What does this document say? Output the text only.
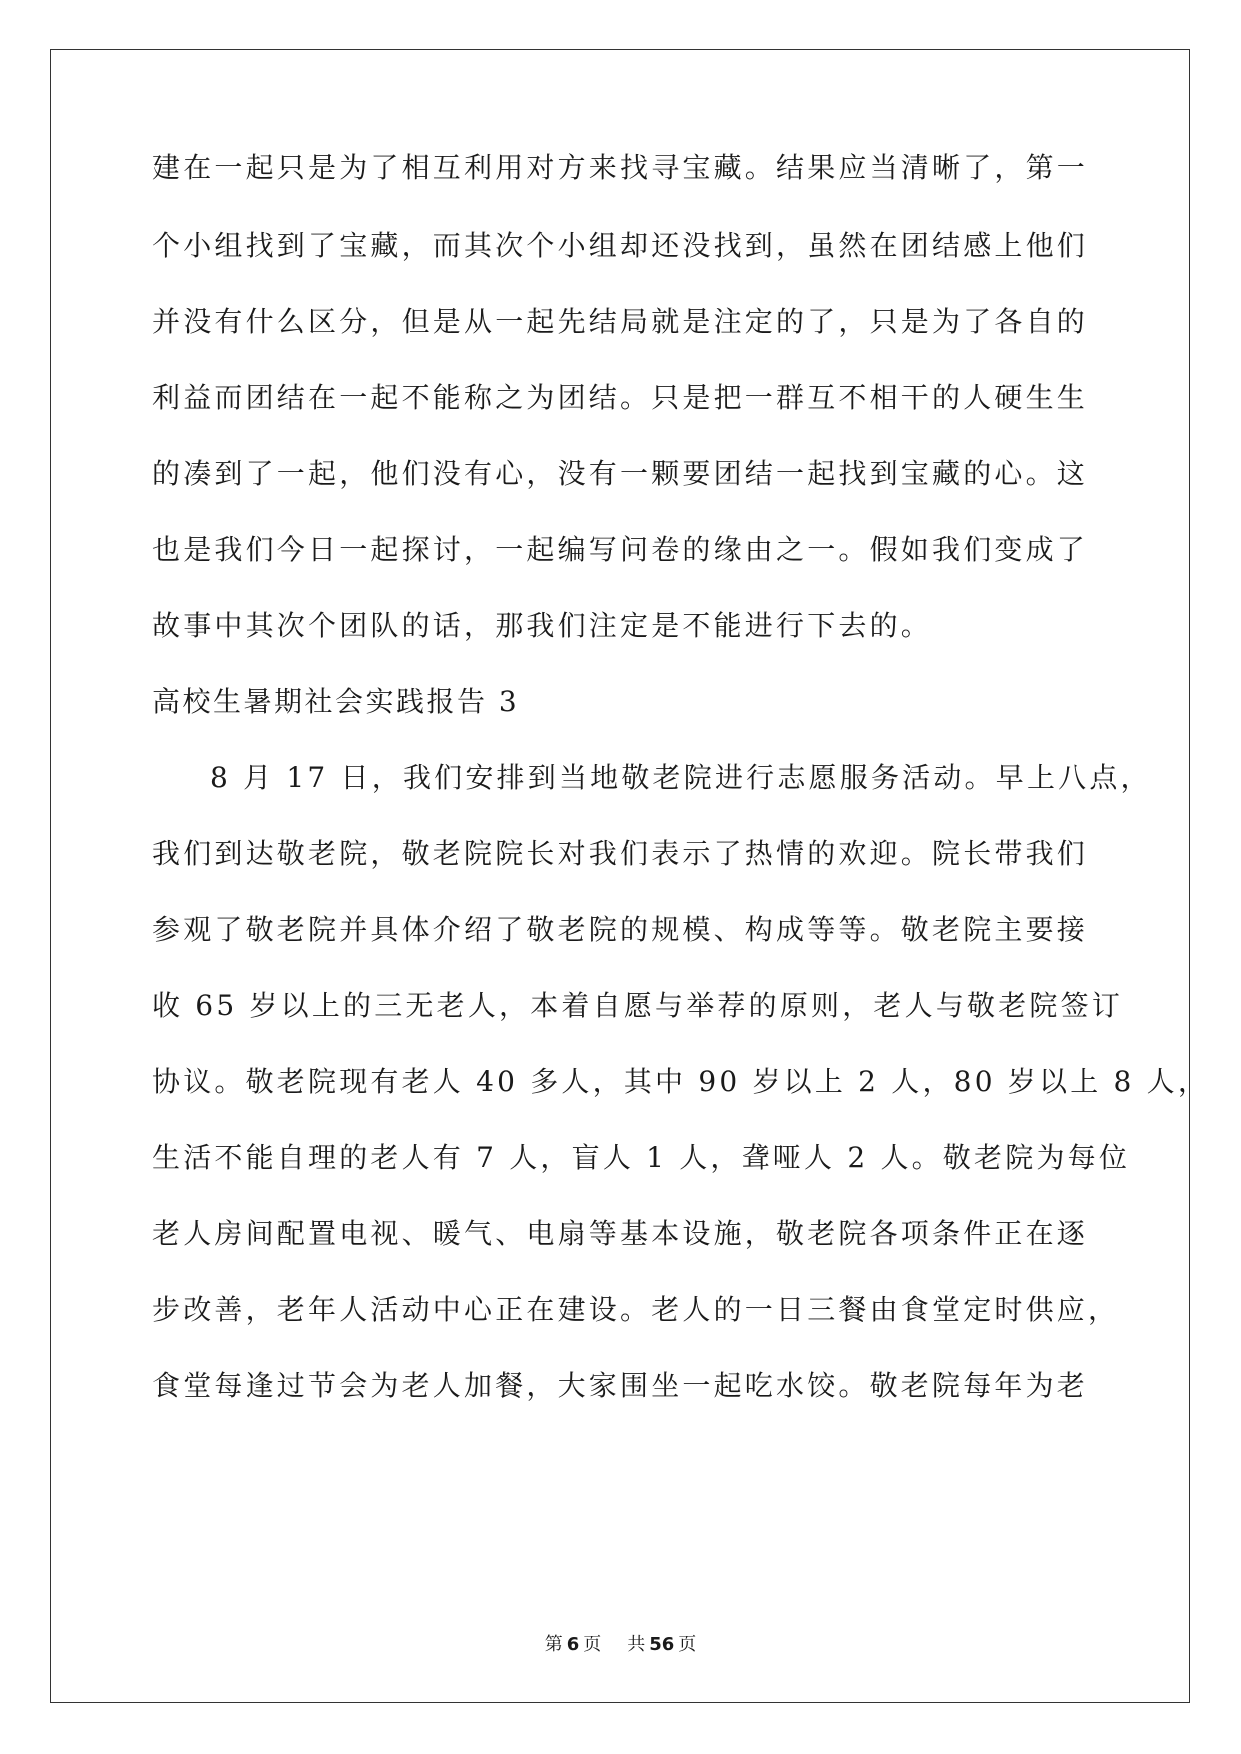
建在一起只是为了相互利用对方来找寻宝藏。结果应当清晰了，第一
个小组找到了宝藏，而其次个小组却还没找到，虽然在团结感上他们
并没有什么区分，但是从一起先结局就是注定的了，只是为了各自的
利益而团结在一起不能称之为团结。只是把一群互不相干的人硬生生
的凑到了一起，他们没有心，没有一颗要团结一起找到宝藏的心。这
也是我们今日一起探讨，一起编写问卷的缘由之一。假如我们变成了
故事中其次个团队的话，那我们注定是不能进行下去的。
高校生暑期社会实践报告 3
8 月 17 日，我们安排到当地敬老院进行志愿服务活动。早上八点，
我们到达敬老院，敬老院院长对我们表示了热情的欢迎。院长带我们
参观了敬老院并具体介绍了敬老院的规模、构成等等。敬老院主要接
收 65 岁以上的三无老人，本着自愿与举荐的原则，老人与敬老院签订
协议。敬老院现有老人 40 多人，其中 90 岁以上 2 人，80 岁以上 8 人，
生活不能自理的老人有 7 人，盲人 1 人，聋哑人 2 人。敬老院为每位
老人房间配置电视、暖气、电扇等基本设施，敬老院各项条件正在逐
步改善，老年人活动中心正在建设。老人的一日三餐由食堂定时供应，
食堂每逢过节会为老人加餐，大家围坐一起吃水饺。敬老院每年为老
第 6 页 共 56 页
